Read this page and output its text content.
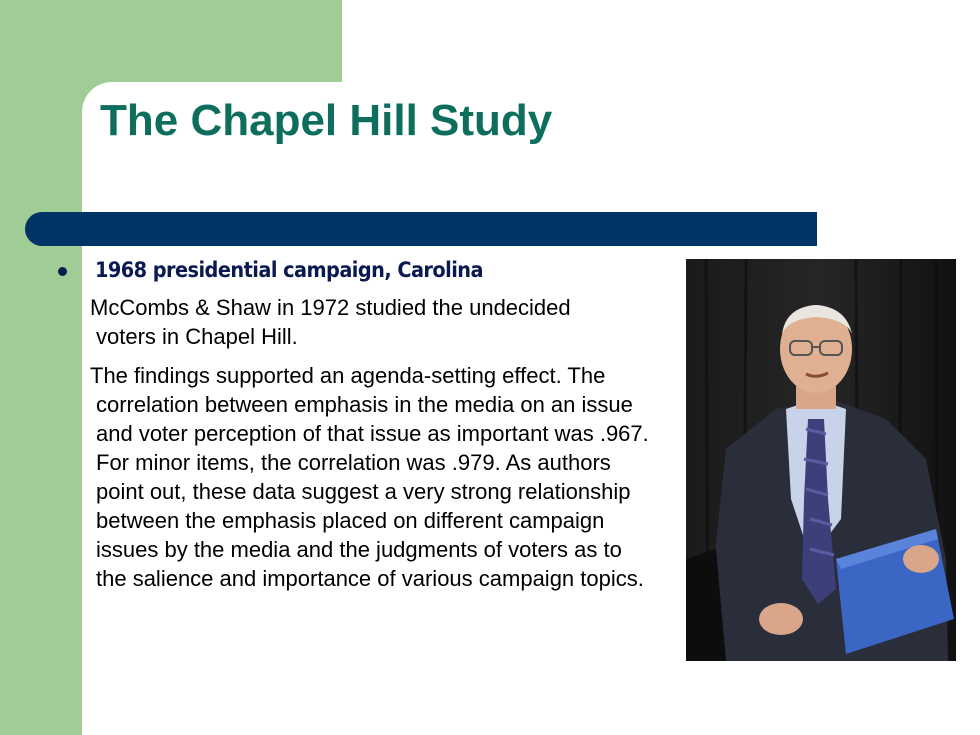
The Chapel Hill Study
1968 presidential campaign, Carolina

McCombs & Shaw in 1972 studied the undecided voters in Chapel Hill.

The findings supported an agenda-setting effect. The correlation between emphasis in the media on an issue and voter perception of that issue as important was .967. For minor items, the correlation was .979. As authors point out, these data suggest a very strong relationship between the emphasis placed on different campaign issues by the media and the judgments of voters as to the salience and importance of various campaign topics.
